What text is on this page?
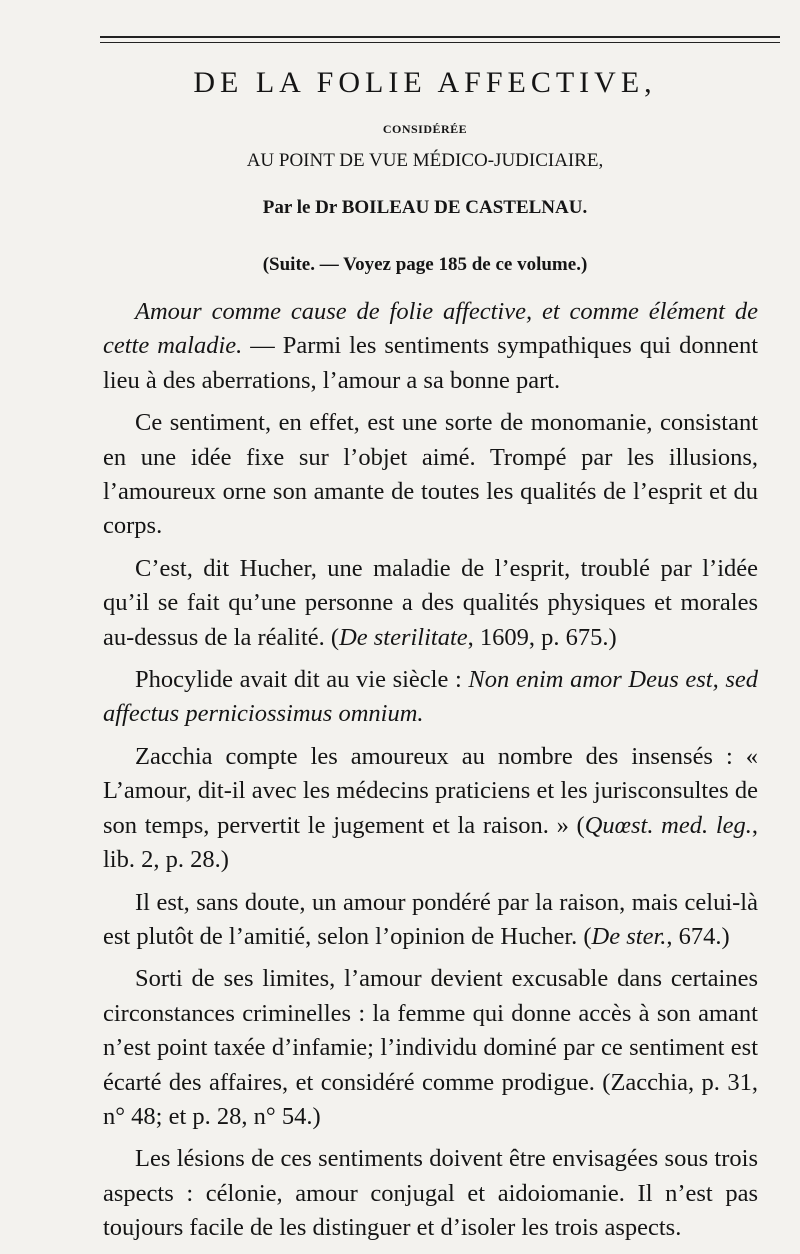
DE LA FOLIE AFFECTIVE,
CONSIDÉRÉE
AU POINT DE VUE MÉDICO-JUDICIAIRE,
Par le Dr BOILEAU DE CASTELNAU.
(Suite. — Voyez page 185 de ce volume.)

Amour comme cause de folie affective, et comme élément de cette maladie. — Parmi les sentiments sympathiques qui donnent lieu à des aberrations, l’amour a sa bonne part.

Ce sentiment, en effet, est une sorte de monomanie, consistant en une idée fixe sur l’objet aimé. Trompé par les illusions, l’amoureux orne son amante de toutes les qualités de l’esprit et du corps.

C’est, dit Hucher, une maladie de l’esprit, troublé par l’idée qu’il se fait qu’une personne a des qualités physiques et morales au-dessus de la réalité. (De sterilitate, 1609, p. 675.)

Phocylide avait dit au vie siècle : Non enim amor Deus est, sed affectus perniciossimus omnium.

Zacchia compte les amoureux au nombre des insensés : « L’amour, dit-il avec les médecins praticiens et les jurisconsultes de son temps, pervertit le jugement et la raison. » (Quœst. med. leg., lib. 2, p. 28.)

Il est, sans doute, un amour pondéré par la raison, mais celui-là est plutôt de l’amitié, selon l’opinion de Hucher. (De ster., 674.)

Sorti de ses limites, l’amour devient excusable dans certaines circonstances criminelles : la femme qui donne accès à son amant n’est point taxée d’infamie; l’individu dominé par ce sentiment est écarté des affaires, et considéré comme prodigue. (Zacchia, p. 31, n° 48; et p. 28, n° 54.)

Les lésions de ces sentiments doivent être envisagées sous trois aspects : célonie, amour conjugal et aidoiomanie. Il n’est pas toujours facile de les distinguer et d’isoler les trois aspects.
